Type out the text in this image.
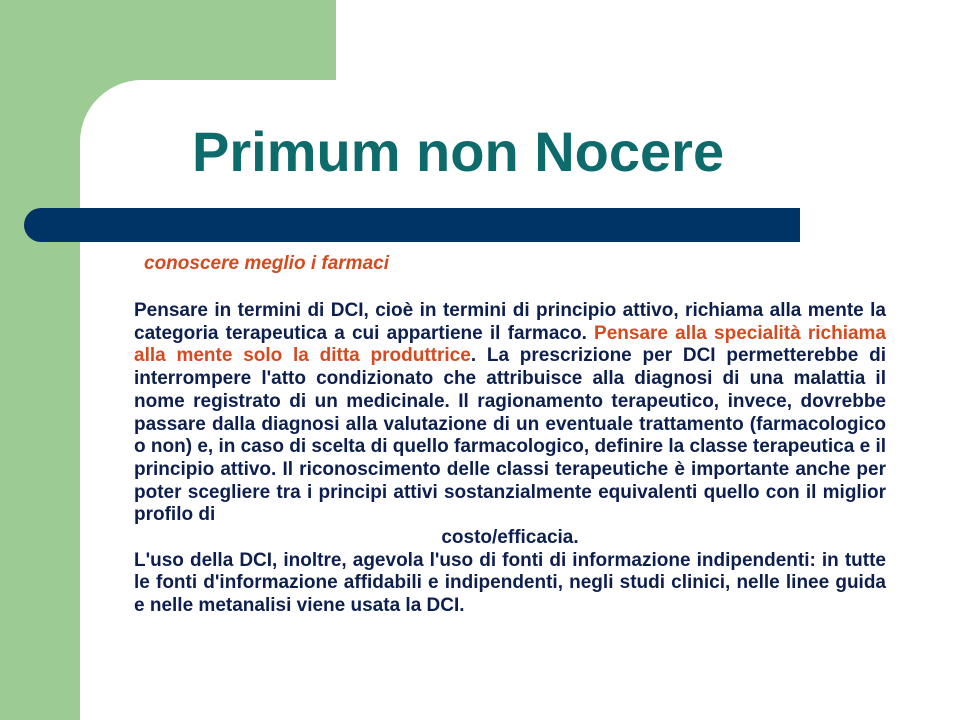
Primum non Nocere
conoscere meglio i farmaci

Pensare in termini di DCI, cioè in termini di principio attivo, richiama alla mente la categoria terapeutica a cui appartiene il farmaco. Pensare alla specialità richiama alla mente solo la ditta produttrice. La prescrizione per DCI permetterebbe di interrompere l'atto condizionato che attribuisce alla diagnosi di una malattia il nome registrato di un medicinale. Il ragionamento terapeutico, invece, dovrebbe passare dalla diagnosi alla valutazione di un eventuale trattamento (farmacologico o non) e, in caso di scelta di quello farmacologico, definire la classe terapeutica e il principio attivo. Il riconoscimento delle classi terapeutiche è importante anche per poter scegliere tra i principi attivi sostanzialmente equivalenti quello con il miglior profilo di
costo/efficacia.

L'uso della DCI, inoltre, agevola l'uso di fonti di informazione indipendenti: in tutte le fonti d'informazione affidabili e indipendenti, negli studi clinici, nelle linee guida e nelle metanalisi viene usata la DCI.
